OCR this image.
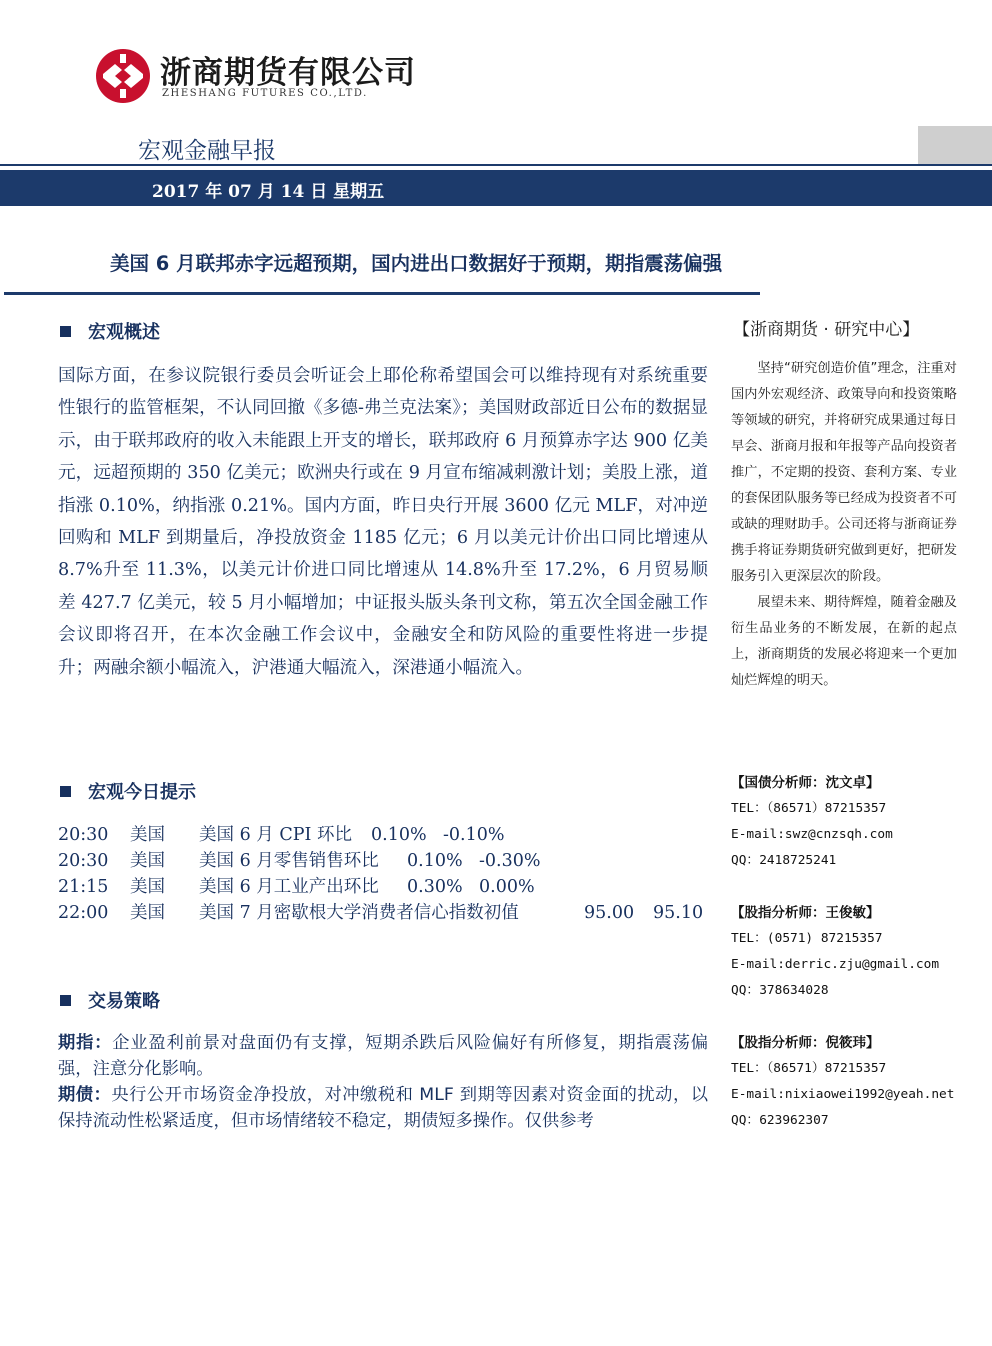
浙商期货有限公司
ZHESHANG FUTURES CO.,LTD.
宏观金融早报
2017 年 07 月 14 日 星期五
美国 6 月联邦赤字远超预期，国内进出口数据好于预期，期指震荡偏强
宏观概述
国际方面，在参议院银行委员会听证会上耶伦称希望国会可以维持现有对系统重要性银行的监管框架，不认同回撤《多德-弗兰克法案》；美国财政部近日公布的数据显示，由于联邦政府的收入未能跟上开支的增长，联邦政府 6 月预算赤字达 900 亿美元，远超预期的 350 亿美元；欧洲央行或在 9 月宣布缩减刺激计划；美股上涨，道指涨 0.10%，纳指涨 0.21%。国内方面，昨日央行开展 3600 亿元 MLF，对冲逆回购和 MLF 到期量后，净投放资金 1185 亿元；6 月以美元计价出口同比增速从 8.7%升至 11.3%，以美元计价进口同比增速从 14.8%升至 17.2%，6 月贸易顺差 427.7 亿美元，较 5 月小幅增加；中证报头版头条刊文称，第五次全国金融工作会议即将召开，在本次金融工作会议中，金融安全和防风险的重要性将进一步提升；两融余额小幅流入，沪港通大幅流入，深港通小幅流入。
宏观今日提示
20:30 美国 美国 6 月 CPI 环比 0.10% -0.10%
20:30 美国 美国 6 月零售销售环比 0.10% -0.30%
21:15 美国 美国 6 月工业产出环比 0.30% 0.00%
22:00 美国 美国 7 月密歇根大学消费者信心指数初值	95.00 95.10
交易策略

期指：企业盈利前景对盘面仍有支撑，短期杀跌后风险偏好有所修复，期指震荡偏强，注意分化影响。

期债：央行公开市场资金净投放，对冲缴税和 MLF 到期等因素对资金面的扰动，以保持流动性松紧适度，但市场情绪较不稳定，期债短多操作。仅供参考

【浙商期货 · 研究中心】

坚持“研究创造价值”理念，注重对国内外宏观经济、政策导向和投资策略等领域的研究，并将研究成果通过每日早会、浙商月报和年报等产品向投资者推广，不定期的投资、套利方案、专业的套保团队服务等已经成为投资者不可或缺的理财助手。公司还将与浙商证券携手将证券期货研究做到更好，把研发服务引入更深层次的阶段。

展望未来、期待辉煌，随着金融及衍生品业务的不断发展，在新的起点上，浙商期货的发展必将迎来一个更加灿烂辉煌的明天。

【国债分析师：沈文卓】
TEL：（86571）87215357
E-mail:swz@cnzsqh.com
QQ：2418725241
【股指分析师：王俊敏】
TEL：(0571) 87215357
E-mail:derric.zju@gmail.com
QQ：378634028
【股指分析师：倪筱玮】
TEL：（86571）87215357
E-mail:nixiaowei1992@yeah.net
QQ：623962307
